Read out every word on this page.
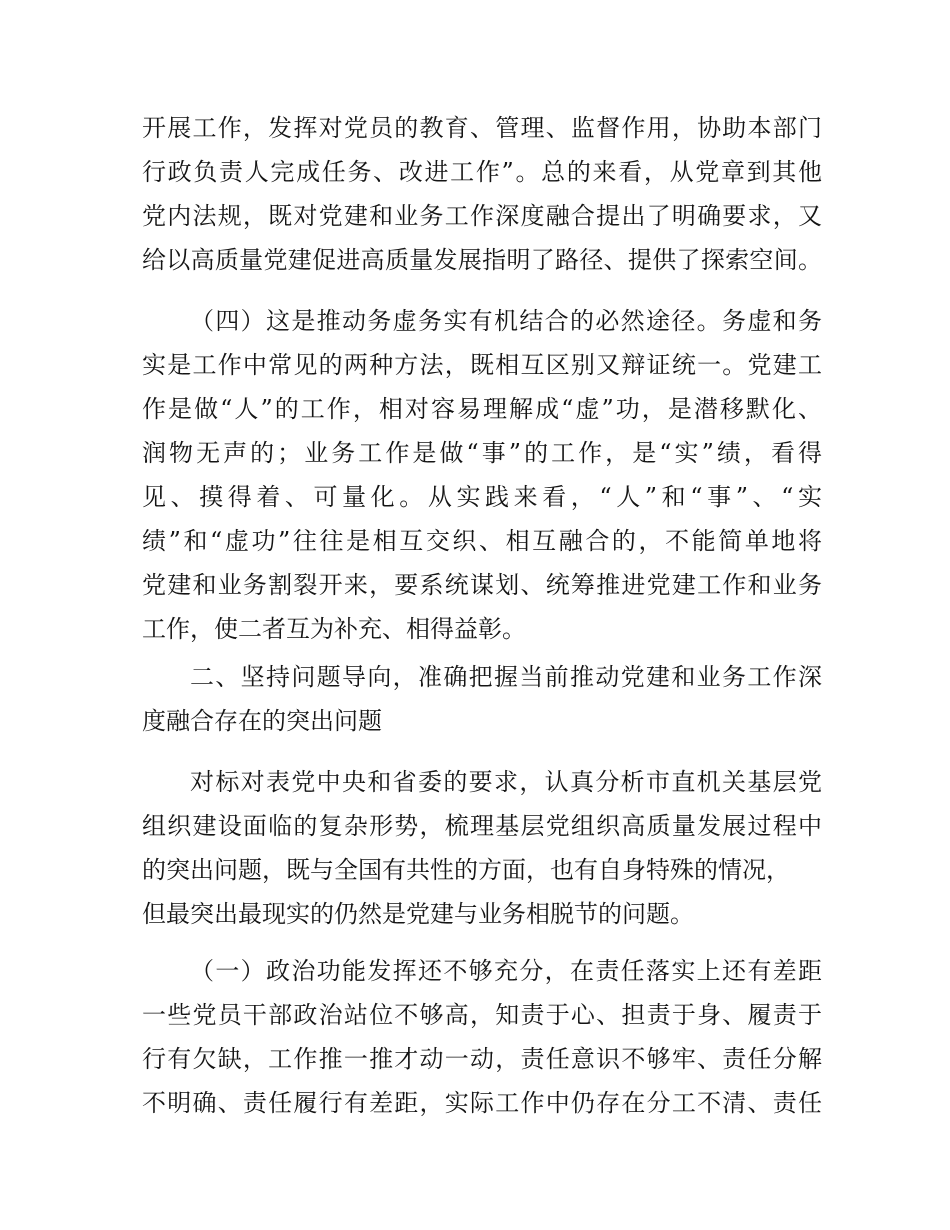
开展工作，发挥对党员的教育、管理、监督作用，协助本部门
行政负责人完成任务、改进工作”。总的来看，从党章到其他
党内法规，既对党建和业务工作深度融合提出了明确要求，又
给以高质量党建促进高质量发展指明了路径、提供了探索空间。
（四）这是推动务虚务实有机结合的必然途径。务虚和务
实是工作中常见的两种方法，既相互区别又辩证统一。党建工
作是做“人”的工作，相对容易理解成“虚”功，是潜移默化、
润物无声的；业务工作是做“事”的工作，是“实”绩，看得
见、摸得着、可量化。从实践来看，“人”和“事”、“实
绩”和“虚功”往往是相互交织、相互融合的，不能简单地将
党建和业务割裂开来，要系统谋划、统筹推进党建工作和业务
工作，使二者互为补充、相得益彰。
二、坚持问题导向，准确把握当前推动党建和业务工作深
度融合存在的突出问题
对标对表党中央和省委的要求，认真分析市直机关基层党
组织建设面临的复杂形势，梳理基层党组织高质量发展过程中
的突出问题，既与全国有共性的方面，也有自身特殊的情况，
但最突出最现实的仍然是党建与业务相脱节的问题。
（一）政治功能发挥还不够充分，在责任落实上还有差距
一些党员干部政治站位不够高，知责于心、担责于身、履责于
行有欠缺，工作推一推才动一动，责任意识不够牢、责任分解
不明确、责任履行有差距，实际工作中仍存在分工不清、责任
